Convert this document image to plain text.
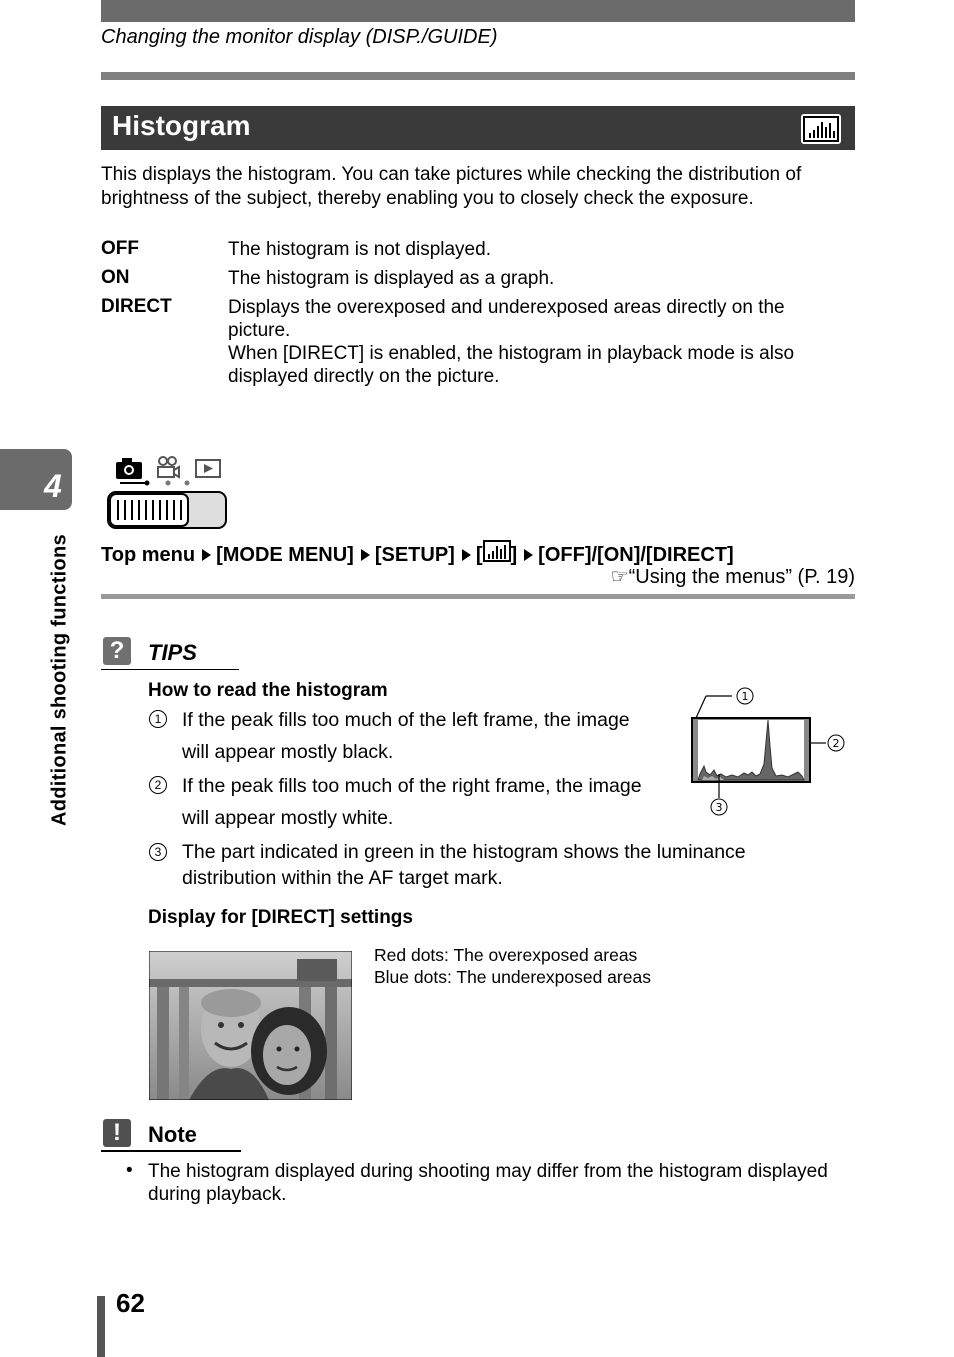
Changing the monitor display (DISP./GUIDE)
Histogram
This displays the histogram. You can take pictures while checking the distribution of brightness of the subject, thereby enabling you to closely check the exposure.
OFF	The histogram is not displayed.
ON	The histogram is displayed as a graph.
DIRECT	Displays the overexposed and underexposed areas directly on the
picture.
When [DIRECT] is enabled, the histogram in playback mode is also
displayed directly on the picture.
4
Additional shooting functions Top menu [MODE MENU] [SETUP] [ ] [OFF]/[ON]/[DIRECT]
☞“Using the menus” (P. 19)
?	TIPS
How to read the histogram
1 If the peak fills too much of the left frame, the image
will appear mostly black.
2 If the peak fills too much of the right frame, the image
will appear mostly white.
3 The part indicated in green in the histogram shows the luminance distribution within the AF target mark.
1
2
3
Display for [DIRECT] settings
Red dots: The overexposed areas
Blue dots: The underexposed areas
!	Note
• The histogram displayed during shooting may differ from the histogram displayed during playback.
62
